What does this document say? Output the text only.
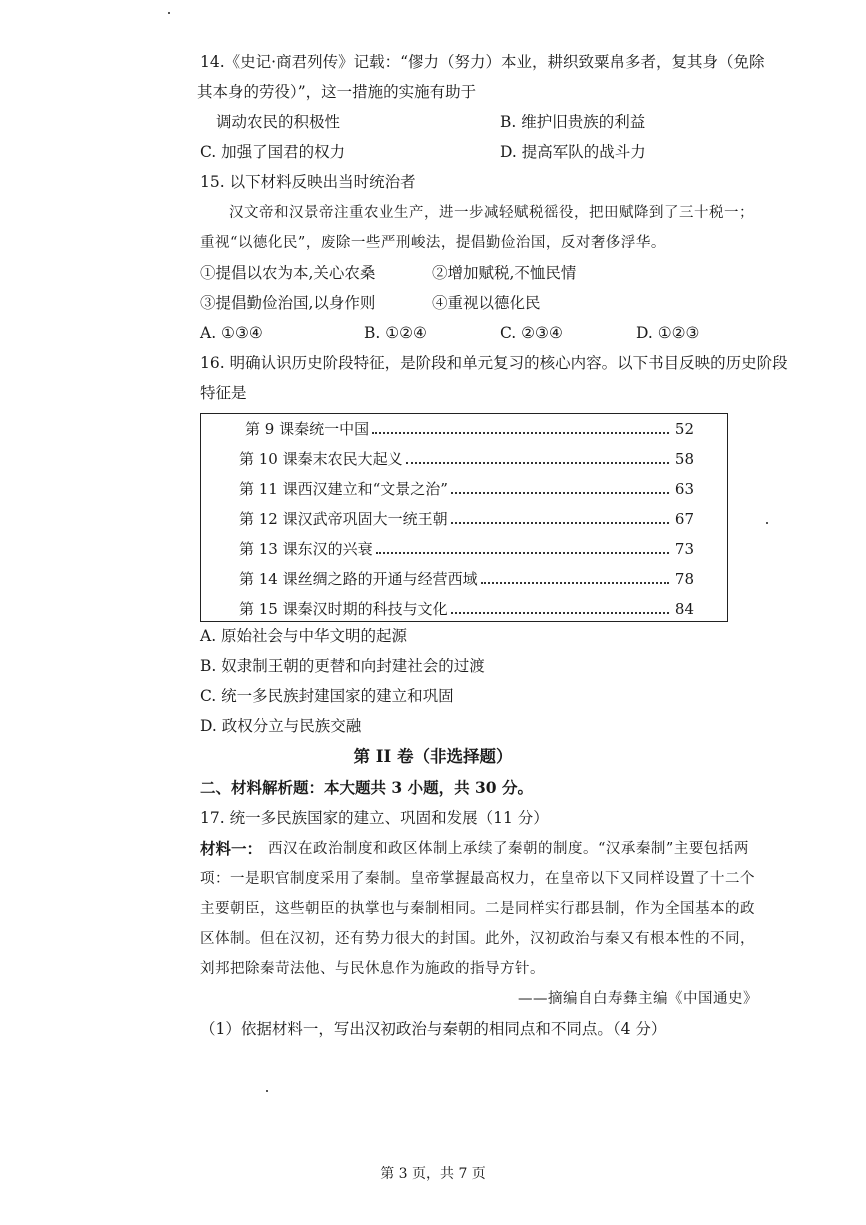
14.《史记·商君列传》记载：“僇力（努力）本业，耕织致粟帛多者，复其身（免除
其本身的劳役）”，这一措施的实施有助于
调动农民的积极性	B. 维护旧贵族的利益
C. 加强了国君的权力	D. 提高军队的战斗力
15. 以下材料反映出当时统治者
汉文帝和汉景帝注重农业生产，进一步减轻赋税徭役，把田赋降到了三十税一；
重视“以德化民”，废除一些严刑峻法，提倡勤俭治国，反对奢侈浮华。
①提倡以农为本,关心农桑	②增加赋税,不恤民情
③提倡勤俭治国,以身作则	④重视以德化民
A. ①③④	B. ①②④	C. ②③④	D. ①②③
16. 明确认识历史阶段特征，是阶段和单元复习的核心内容。以下书目反映的历史阶段
特征是
第 9 课秦统一中国	52
第 10 课秦末农民大起义	58
第 11 课西汉建立和“文景之治”	63
第 12 课汉武帝巩固大一统王朝	67
第 13 课东汉的兴衰	73
第 14 课丝绸之路的开通与经营西域	78
第 15 课秦汉时期的科技与文化	84
A. 原始社会与中华文明的起源
B. 奴隶制王朝的更替和向封建社会的过渡
C. 统一多民族封建国家的建立和巩固
D. 政权分立与民族交融
第 II 卷（非选择题）
二、材料解析题：本大题共 3 小题，共 30 分。
17. 统一多民族国家的建立、巩固和发展（11 分）
材料一： 西汉在政治制度和政区体制上承续了秦朝的制度。“汉承秦制”主要包括两
项：一是职官制度采用了秦制。皇帝掌握最高权力，在皇帝以下又同样设置了十二个
主要朝臣，这些朝臣的执掌也与秦制相同。二是同样实行郡县制，作为全国基本的政
区体制。但在汉初，还有势力很大的封国。此外，汉初政治与秦又有根本性的不同，
刘邦把除秦苛法他、与民休息作为施政的指导方针。
——摘编自白寿彝主编《中国通史》
（1）依据材料一，写出汉初政治与秦朝的相同点和不同点。（4 分）
第 3 页，共 7 页
